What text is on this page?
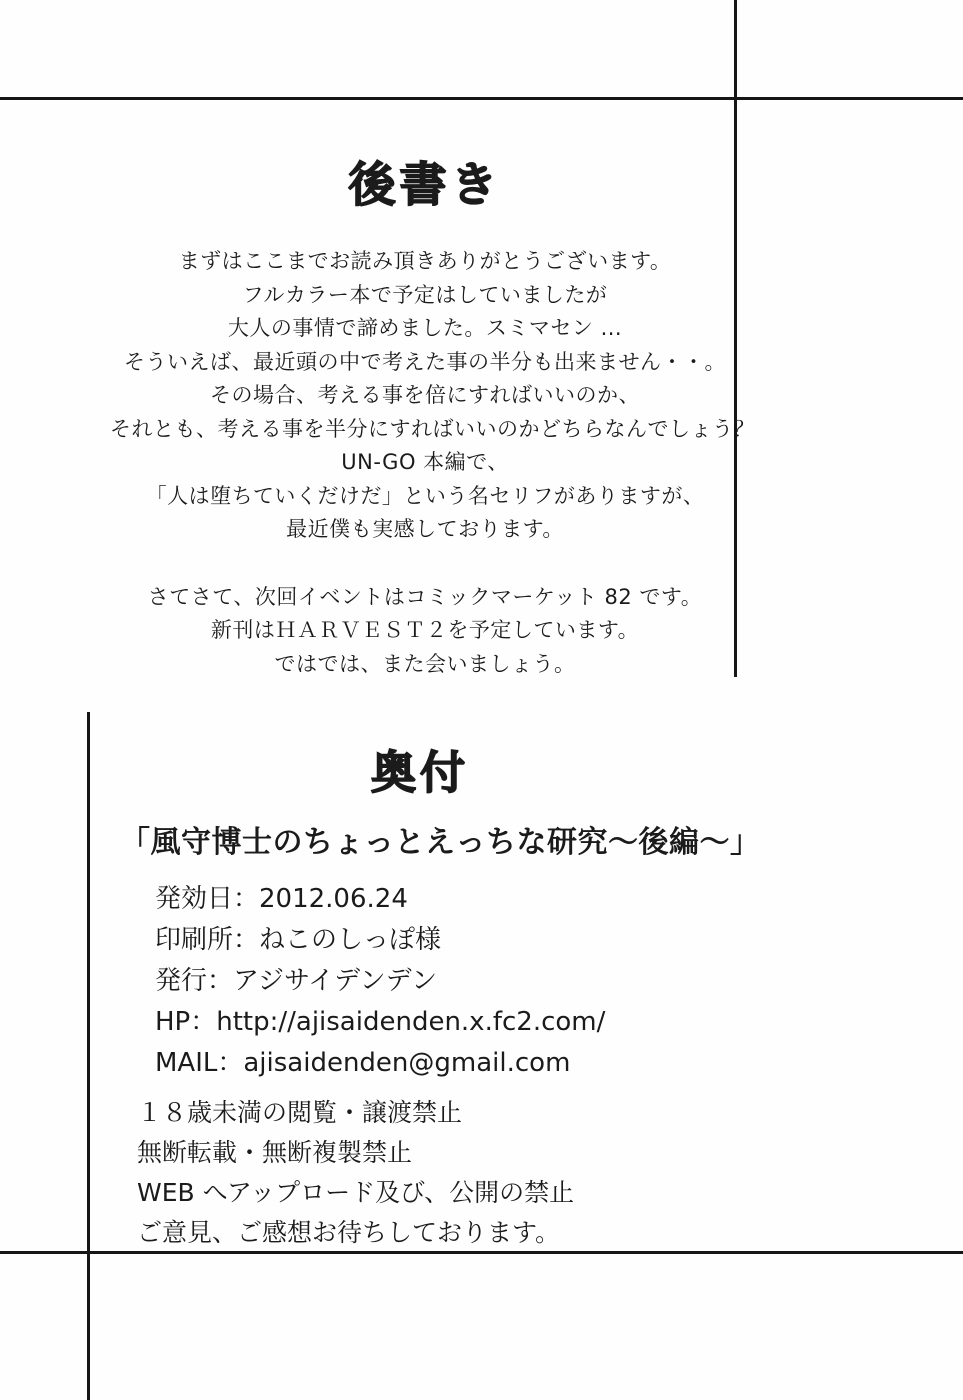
後書き
まずはここまでお読み頂きありがとうございます。
フルカラー本で予定はしていましたが
大人の事情で諦めました。スミマセン ...
そういえば、最近頭の中で考えた事の半分も出来ません・・。
その場合、考える事を倍にすればいいのか、
それとも、考える事を半分にすればいいのかどちらなんでしょう？
UN-GO 本編で、
「人は堕ちていくだけだ」という名セリフがありますが、
最近僕も実感しております。
さてさて、次回イベントはコミックマーケット 82 です。
新刊はＨＡＲＶＥＳＴ２を予定しています。
ではでは、また会いましょう。
奥付
「風守博士のちょっとえっちな研究～後編～」
発効日：2012.06.24
印刷所：ねこのしっぽ様
発行：アジサイデンデン
HP：http://ajisaidenden.x.fc2.com/
MAIL：ajisaidenden@gmail.com
１８歳未満の閲覧・譲渡禁止
無断転載・無断複製禁止
WEB へアップロード及び、公開の禁止
ご意見、ご感想お待ちしております。
